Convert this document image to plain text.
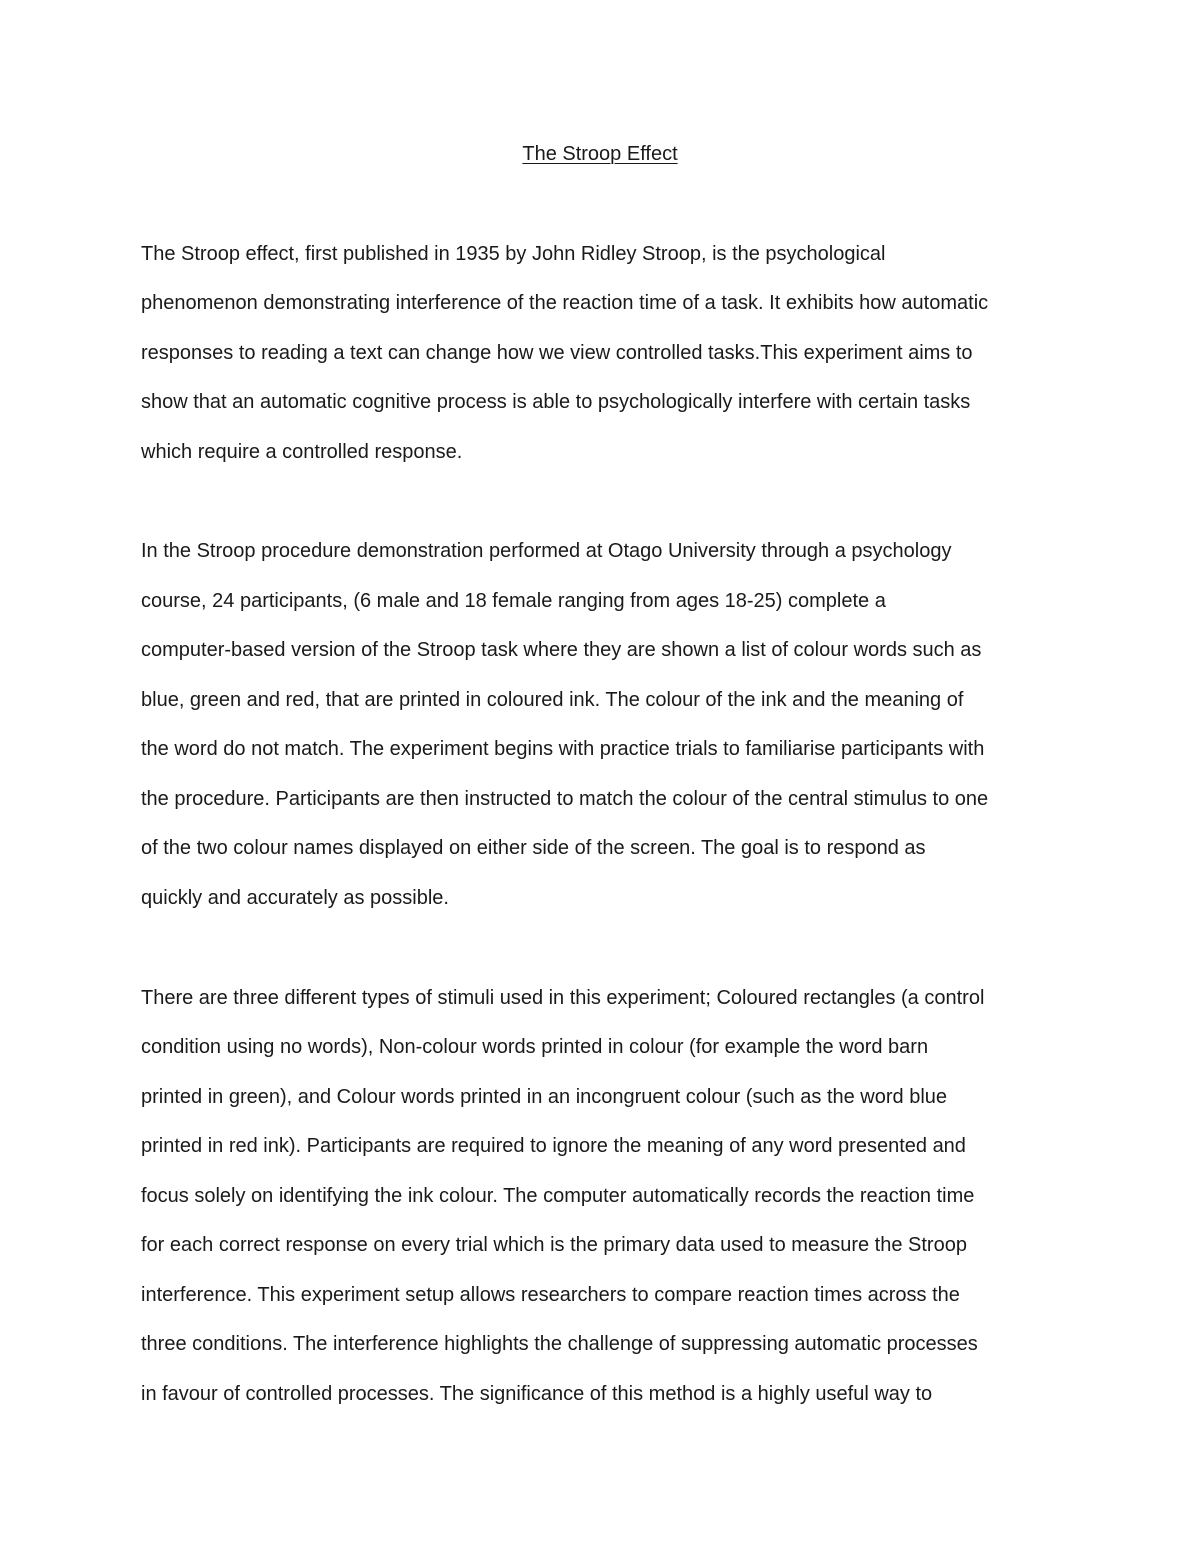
The Stroop Effect
The Stroop effect, first published in 1935 by John Ridley Stroop, is the psychological
phenomenon demonstrating interference of the reaction time of a task. It exhibits how automatic
responses to reading a text can change how we view controlled tasks.This experiment aims to
show that an automatic cognitive process is able to psychologically interfere with certain tasks
which require a controlled response.
In the Stroop procedure demonstration performed at Otago University through a psychology
course, 24 participants, (6 male and 18 female ranging from ages 18-25) complete a
computer-based version of the Stroop task where they are shown a list of colour words such as
blue, green and red, that are printed in coloured ink. The colour of the ink and the meaning of
the word do not match. The experiment begins with practice trials to familiarise participants with
the procedure. Participants are then instructed to match the colour of the central stimulus to one
of the two colour names displayed on either side of the screen. The goal is to respond as
quickly and accurately as possible.
There are three different types of stimuli used in this experiment; Coloured rectangles (a control
condition using no words), Non-colour words printed in colour (for example the word barn
printed in green), and Colour words printed in an incongruent colour (such as the word blue
printed in red ink). Participants are required to ignore the meaning of any word presented and
focus solely on identifying the ink colour. The computer automatically records the reaction time
for each correct response on every trial which is the primary data used to measure the Stroop
interference. This experiment setup allows researchers to compare reaction times across the
three conditions. The interference highlights the challenge of suppressing automatic processes
in favour of controlled processes. The significance of this method is a highly useful way to
